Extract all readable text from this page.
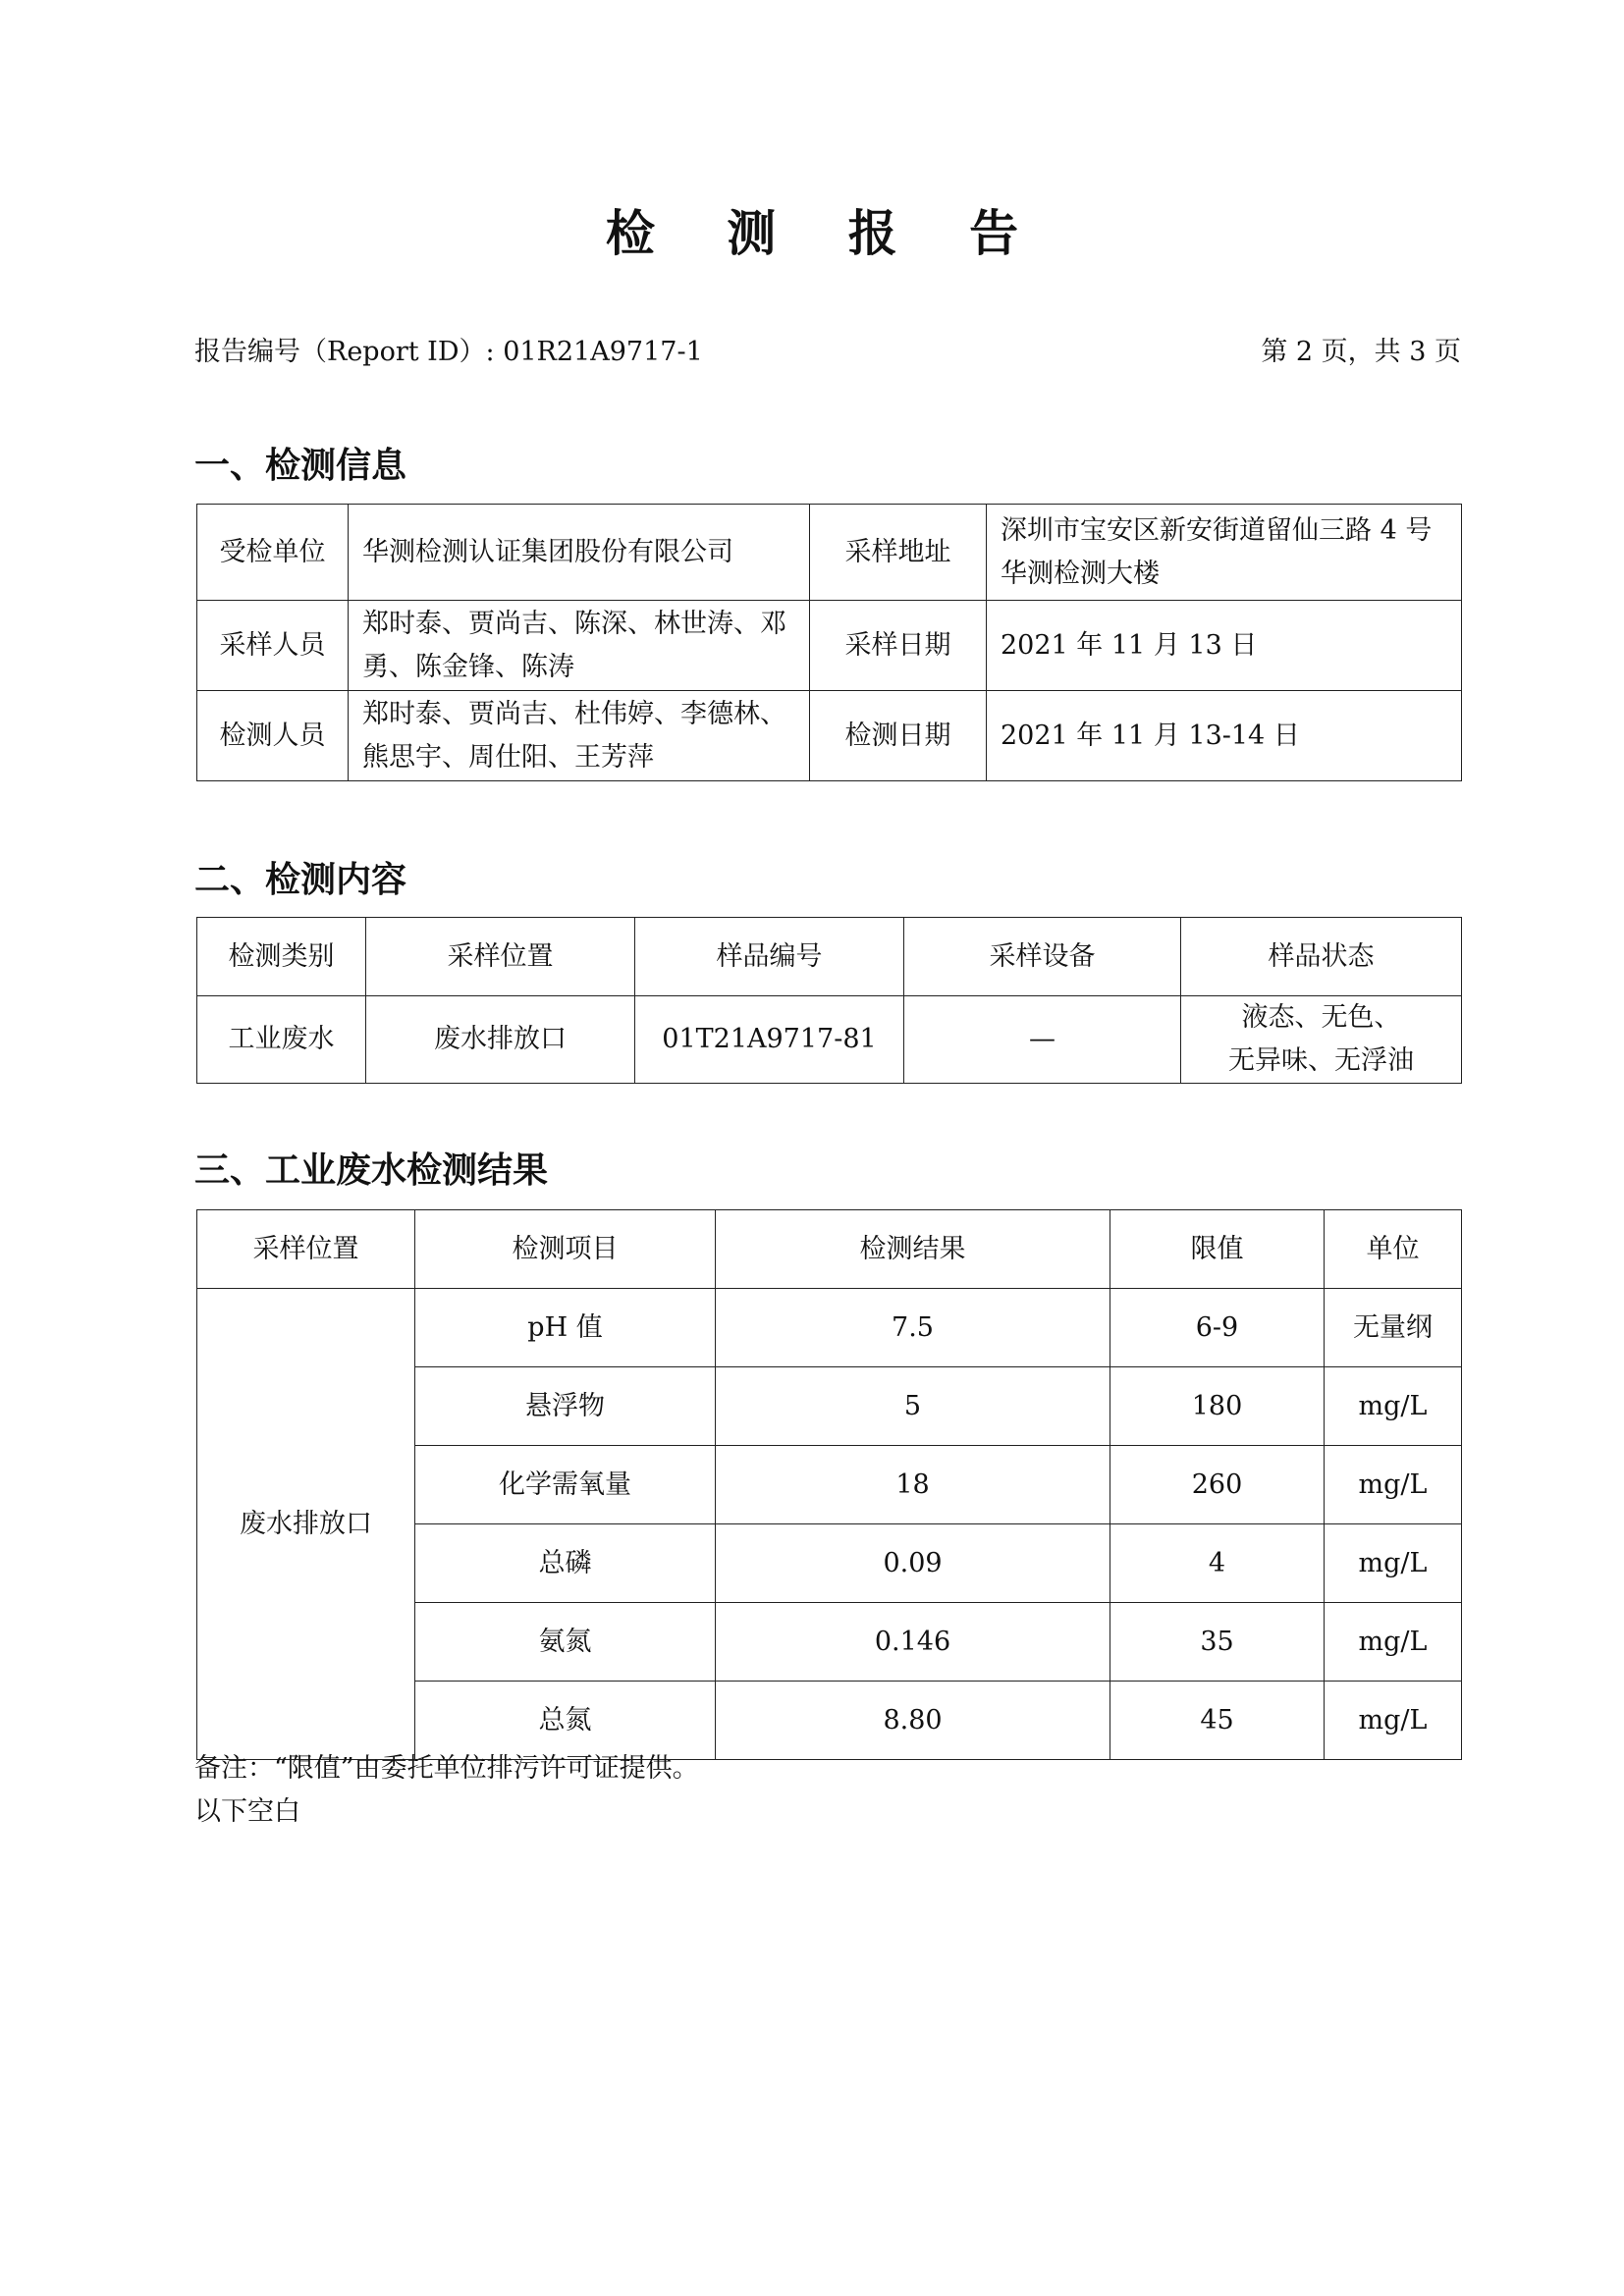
检 测 报 告
报告编号（Report ID）: 01R21A9717-1	第 2 页，共 3 页
一、检测信息
受检单位	华测检测认证集团股份有限公司	采样地址	深圳市宝安区新安街道留仙三路 4 号华测检测大楼
采样人员	郑时泰、贾尚吉、陈深、林世涛、邓勇、陈金锋、陈涛	采样日期	2021 年 11 月 13 日
检测人员	郑时泰、贾尚吉、杜伟婷、李德林、熊思宇、周仕阳、王芳萍	检测日期	2021 年 11 月 13-14 日
二、检测内容
检测类别	采样位置	样品编号	采样设备	样品状态
工业废水	废水排放口	01T21A9717-81	—	液态、无色、
无异味、无浮油
三、工业废水检测结果
采样位置	检测项目	检测结果	限值	单位
废水排放口	pH 值	7.5	6-9	无量纲
	悬浮物	5	180	mg/L
	化学需氧量	18	260	mg/L
	总磷	0.09	4	mg/L
	氨氮	0.146	35	mg/L
	总氮	8.80	45	mg/L
备注：“限值”由委托单位排污许可证提供。
以下空白
